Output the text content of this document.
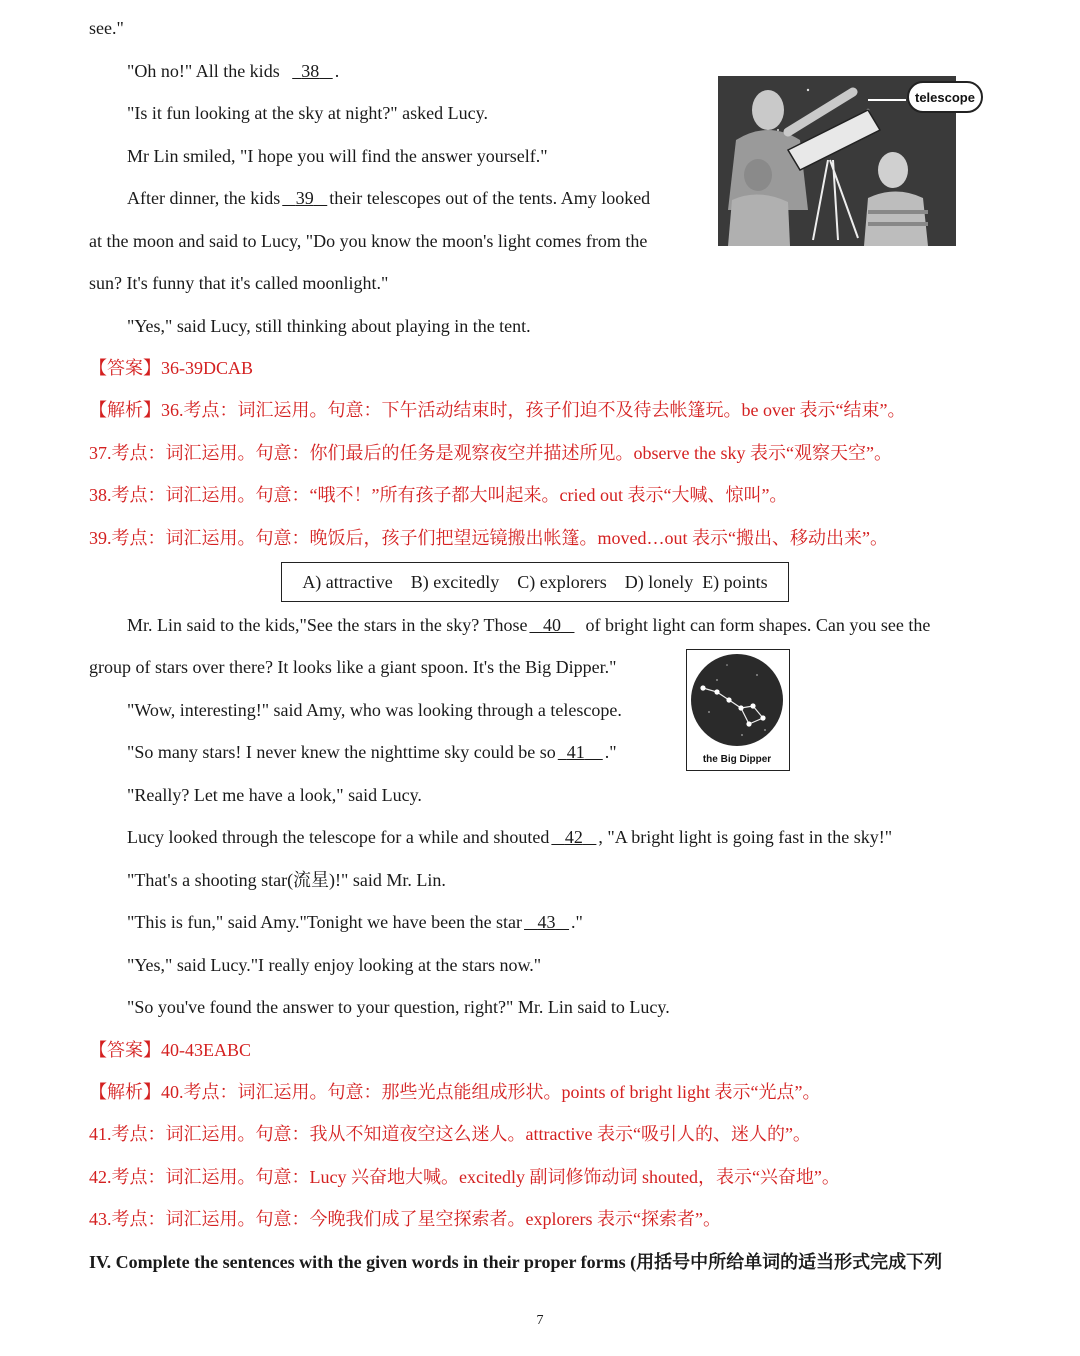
see."
"Oh no!" All the kids 38 .
"Is it fun looking at the sky at night?" asked Lucy.
Mr Lin smiled, "I hope you will find the answer yourself."
After dinner, the kids 39 their telescopes out of the tents. Amy looked
at the moon and said to Lucy, "Do you know the moon's light comes from the
sun? It's funny that it's called moonlight."
"Yes," said Lucy, still thinking about playing in the tent.
telescope
【答案】36-39DCAB
【解析】36.考点：词汇运用。句意：下午活动结束时，孩子们迫不及待去帐篷玩。be over 表示“结束”。
37.考点：词汇运用。句意：你们最后的任务是观察夜空并描述所见。observe the sky 表示“观察天空”。
38.考点：词汇运用。句意：“哦不！”所有孩子都大叫起来。cried out 表示“大喊、惊叫”。
39.考点：词汇运用。句意：晚饭后，孩子们把望远镜搬出帐篷。moved…out 表示“搬出、移动出来”。
A) attractive    B) excitedly    C) explorers    D) lonely  E) points
Mr. Lin said to the kids,"See the stars in the sky? Those 40 of bright light can form shapes. Can you see the
group of stars over there? It looks like a giant spoon. It's the Big Dipper."
"Wow, interesting!" said Amy, who was looking through a telescope.
"So many stars! I never knew the nighttime sky could be so 41 ."
"Really? Let me have a look," said Lucy.
Lucy looked through the telescope for a while and shouted 42 , "A bright light is going fast in the sky!"
"That's a shooting star(流星)!" said Mr. Lin.
"This is fun," said Amy."Tonight we have been the star 43 ."
"Yes," said Lucy."I really enjoy looking at the stars now."
"So you've found the answer to your question, right?" Mr. Lin said to Lucy.
the Big Dipper
【答案】40-43EABC
【解析】40.考点：词汇运用。句意：那些光点能组成形状。points of bright light 表示“光点”。
41.考点：词汇运用。句意：我从不知道夜空这么迷人。attractive 表示“吸引人的、迷人的”。
42.考点：词汇运用。句意：Lucy 兴奋地大喊。excitedly 副词修饰动词 shouted，表示“兴奋地”。
43.考点：词汇运用。句意：今晚我们成了星空探索者。explorers 表示“探索者”。
IV. Complete the sentences with the given words in their proper forms (用括号中所给单词的适当形式完成下列
7
